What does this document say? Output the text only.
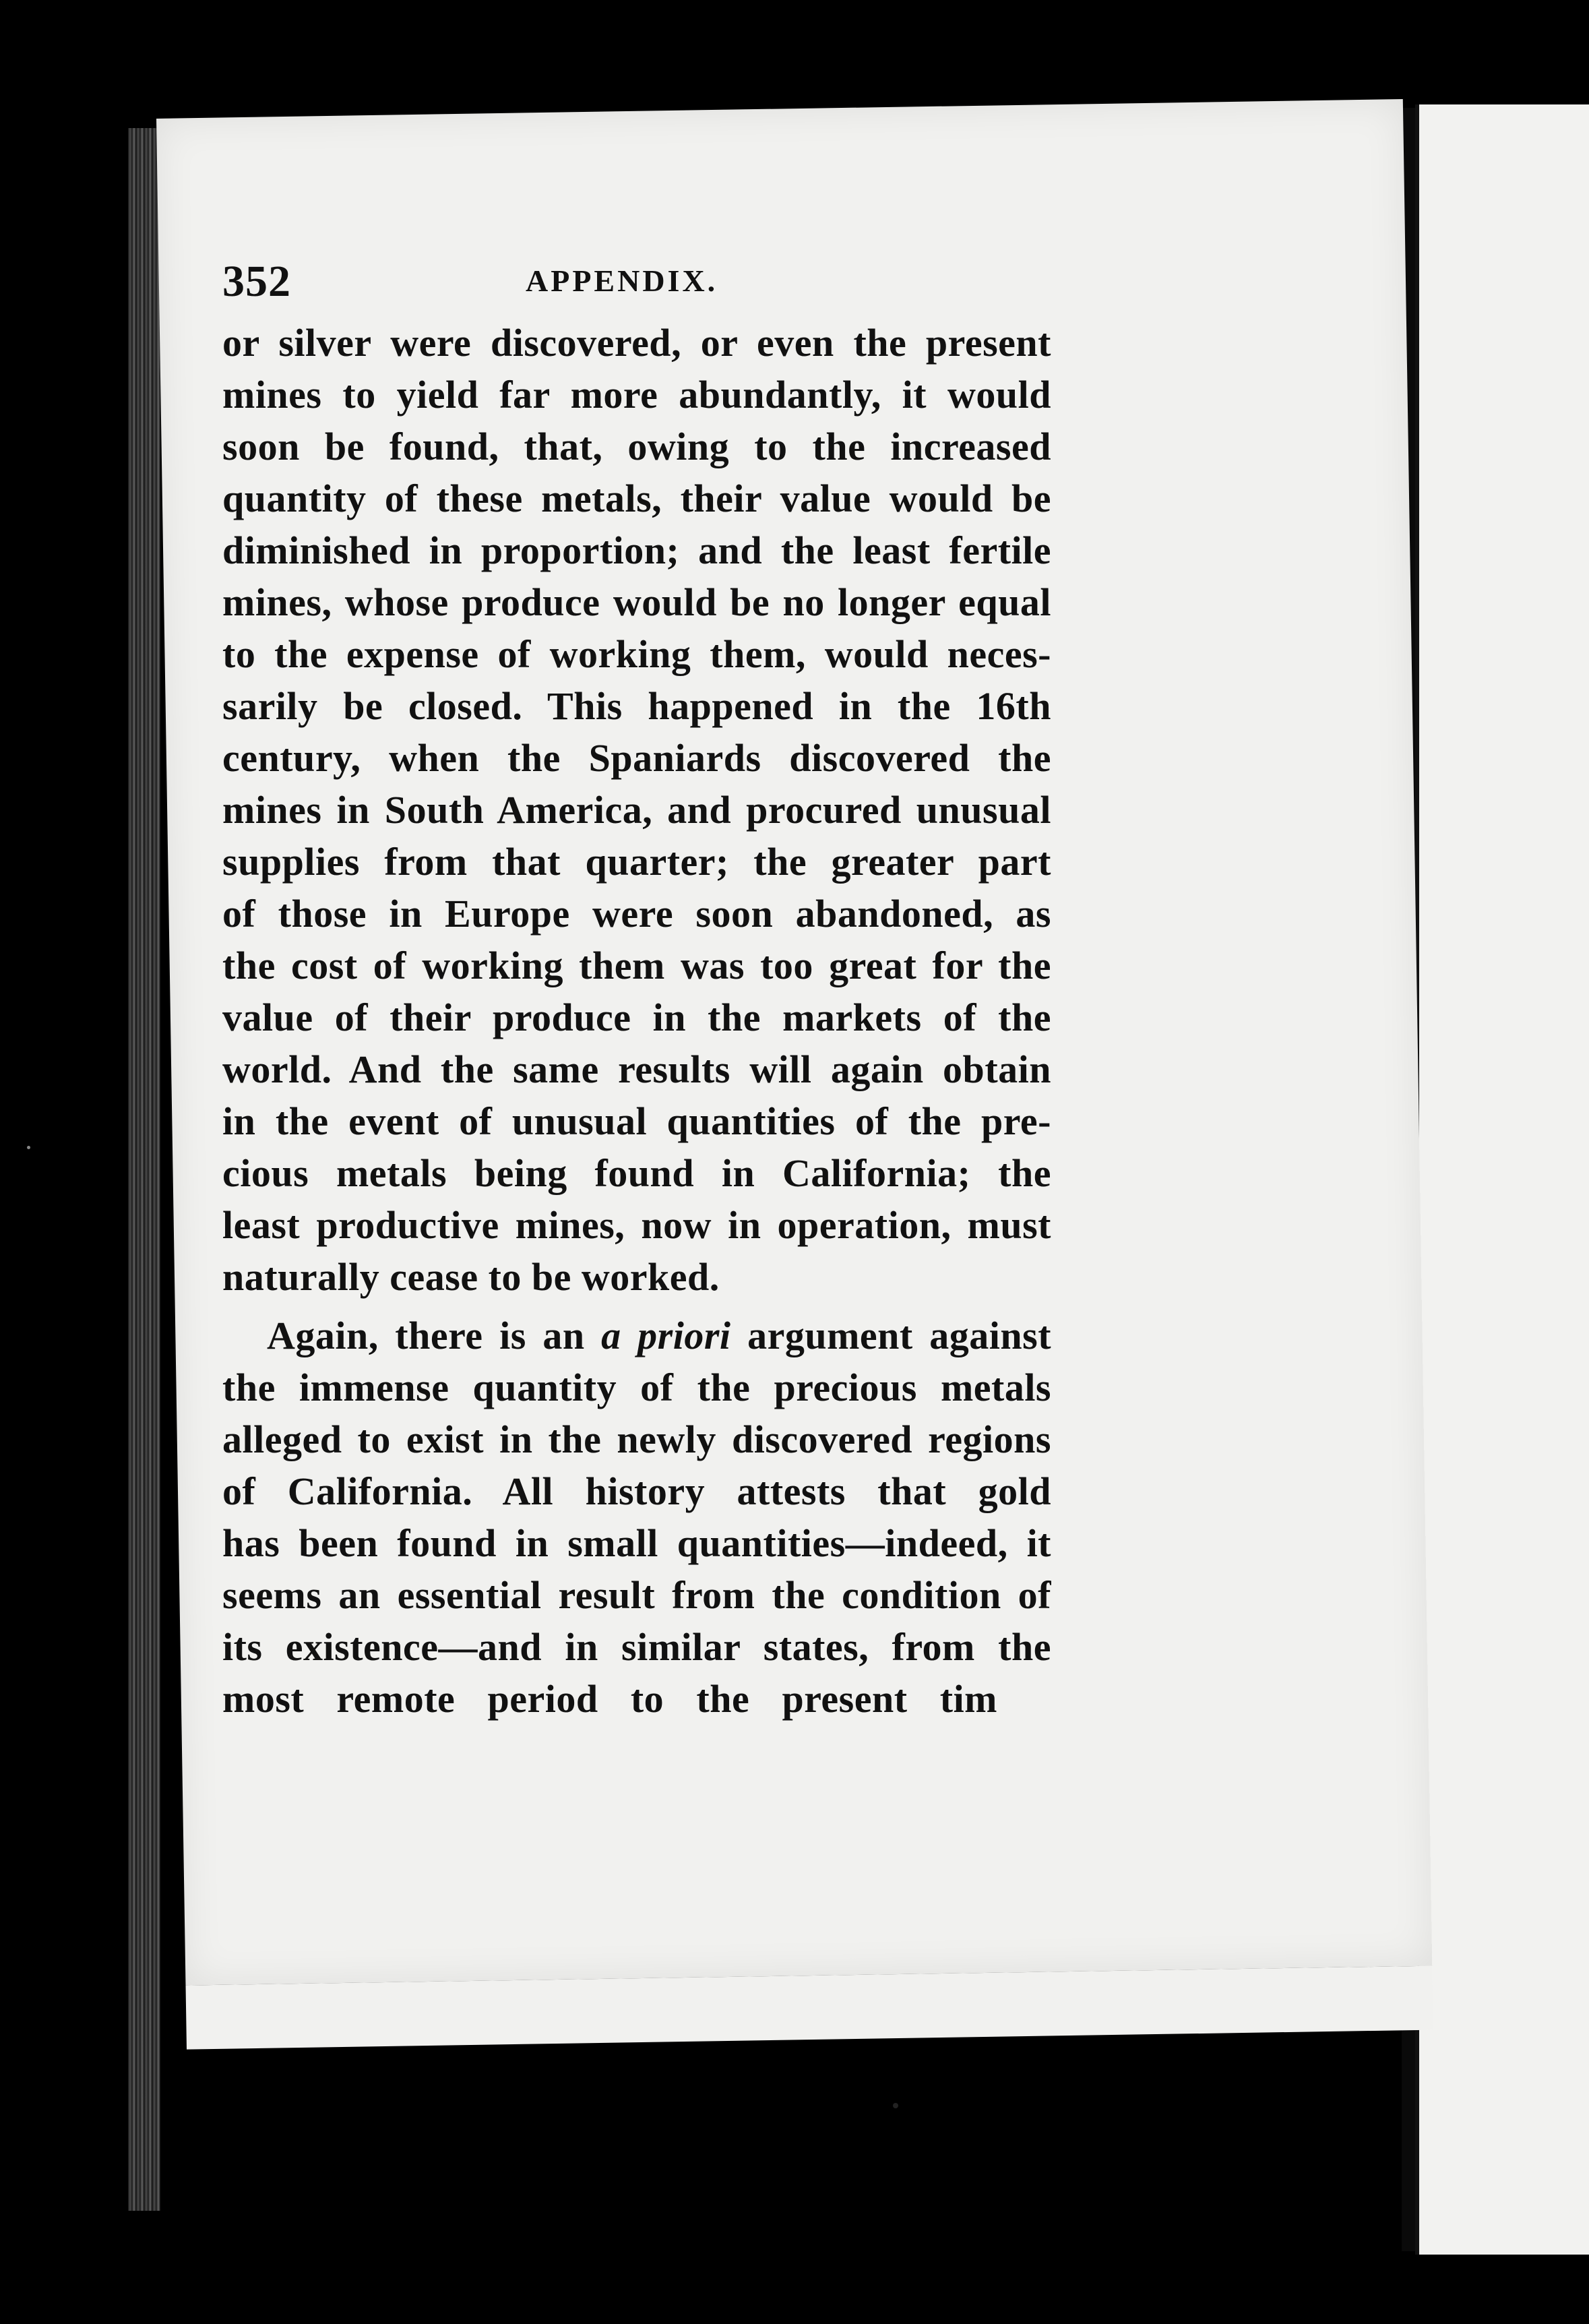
352	APPENDIX.
or silver were discovered, or even the present
mines to yield far more abundantly, it would
soon be found, that, owing to the increased
quantity of these metals, their value would be
diminished in proportion; and the least fertile
mines, whose produce would be no longer equal
to the expense of working them, would neces-
sarily be closed. This happened in the 16th
century, when the Spaniards discovered the
mines in South America, and procured unusual
supplies from that quarter; the greater part
of those in Europe were soon abandoned, as
the cost of working them was too great for the
value of their produce in the markets of the
world. And the same results will again obtain
in the event of unusual quantities of the pre-
cious metals being found in California; the
least productive mines, now in operation, must
naturally cease to be worked.
Again, there is an a priori argument against
the immense quantity of the precious metals
alleged to exist in the newly discovered regions
of California. All history attests that gold
has been found in small quantities—indeed, it
seems an essential result from the condition of
its existence—and in similar states, from the
most remote period to the present tim
